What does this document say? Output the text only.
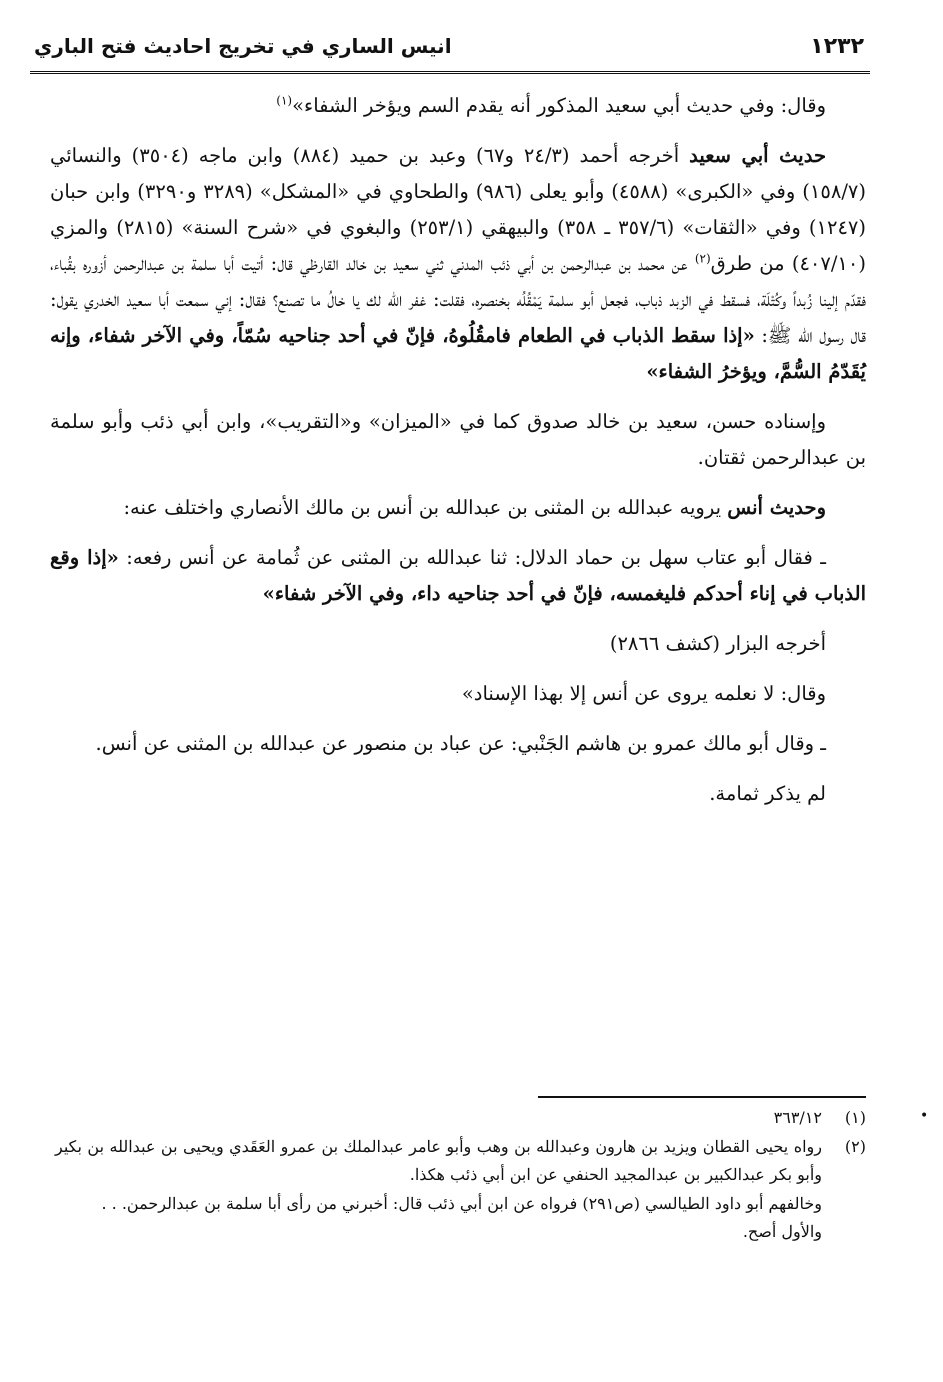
١٢٣٢
انيس الساري في تخريج احاديث فتح الباري

وقال: وفي حديث أبي سعيد المذكور أنه يقدم السم ويؤخر الشفاء»$^{(١)}$

حديث أبي سعيد أخرجه أحمد (٢٤/٣ و٦٧) وعبد بن حميد (٨٨٤) وابن ماجه (٣٥٠٤) والنسائي (١٥٨/٧) وفي «الكبرى» (٤٥٨٨) وأبو يعلى (٩٨٦) والطحاوي في «المشكل» (٣٢٨٩ و٣٢٩٠) وابن حبان (١٢٤٧) وفي «الثقات» (٣٥٧/٦ ـ ٣٥٨) والبيهقي (٢٥٣/١) والبغوي في «شرح السنة» (٢٨١٥) والمزي (٤٠٧/١٠) من طرق$^{(٢)}$ عن محمد بن عبدالرحمن بن أبي ذئب المدني ثني سعيد بن خالد القارظي قال: أتيت أبا سلمة بن عبدالرحمن أزوره بقُباء، فقدّم إلينا زُبداً وكُتْلَة، فسقط في الزبد ذباب، فجعل أبو سلمة يَمْقُلُه بخنصره، فقلت: غفر الله لك يا خالُ ما تصنع؟ فقال: إني سمعت أبا سعيد الخدري يقول: قال رسول الله ﷺ: «إذا سقط الذباب في الطعام فامقُلُوهُ، فإنّ في أحد جناحيه سُمّاً، وفي الآخر شفاء، وإنه يُقَدّمُ السُّمَّ، ويؤخرُ الشفاء»

وإسناده حسن، سعيد بن خالد صدوق كما في «الميزان» و«التقريب»، وابن أبي ذئب وأبو سلمة بن عبدالرحمن ثقتان.

وحديث أنس يرويه عبدالله بن المثنى بن عبدالله بن أنس بن مالك الأنصاري واختلف عنه:

ـ فقال أبو عتاب سهل بن حماد الدلال: ثنا عبدالله بن المثنى عن ثُمامة عن أنس رفعه: «إذا وقع الذباب في إناء أحدكم فليغمسه، فإنّ في أحد جناحيه داء، وفي الآخر شفاء»

أخرجه البزار (كشف ٢٨٦٦)

وقال: لا نعلمه يروى عن أنس إلا بهذا الإسناد»

ـ وقال أبو مالك عمرو بن هاشم الجَنْبي: عن عباد بن منصور عن عبدالله بن المثنى عن أنس.

لم يذكر ثمامة.

•
(١)

٣٦٣/١٢

(٢)

رواه يحيى القطان ويزيد بن هارون وعبدالله بن وهب وأبو عامر عبدالملك بن عمرو العَقَدي ويحيى بن عبدالله بن بكير وأبو بكر عبدالكبير بن عبدالمجيد الحنفي عن ابن أبي ذئب هكذا.

وخالفهم أبو داود الطيالسي (ص٢٩١) فرواه عن ابن أبي ذئب قال: أخبرني من رأى أبا سلمة بن عبدالرحمن. . .

والأول أصح.
